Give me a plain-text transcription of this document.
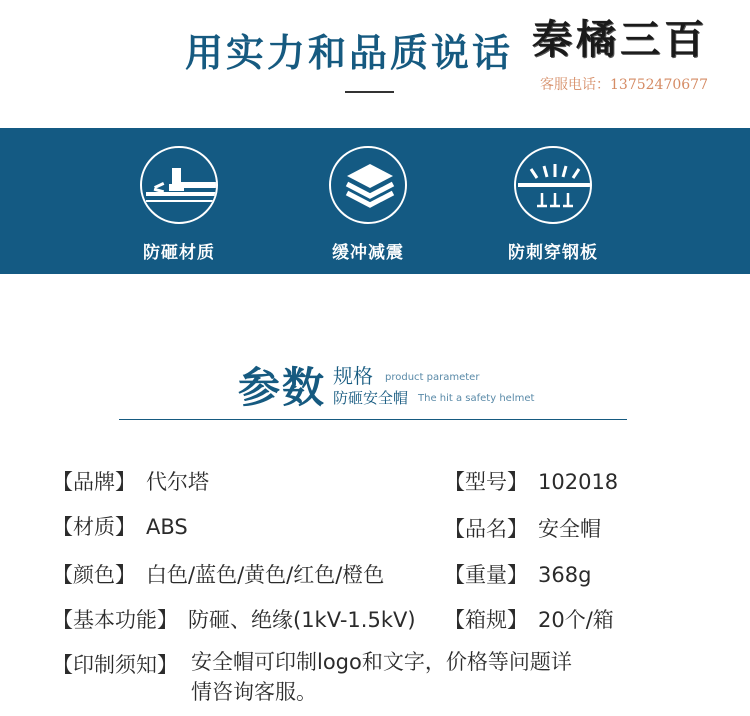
用实力和品质说话 秦橘三百
客服电话：13752470677
防砸材质	缓冲减震	防刺穿钢板
参数 规格 product parameter
防砸安全帽 The hit a safety helmet
【品牌】 代尔塔	【型号】 102018
【材质】 ABS	【品名】 安全帽
【颜色】 白色/蓝色/黄色/红色/橙色	【重量】 368g
【基本功能】 防砸、绝缘(1kV-1.5kV) 【箱规】 20个/箱
【印制须知】 安全帽可印制logo和文字，价格等问题详
情咨询客服。
